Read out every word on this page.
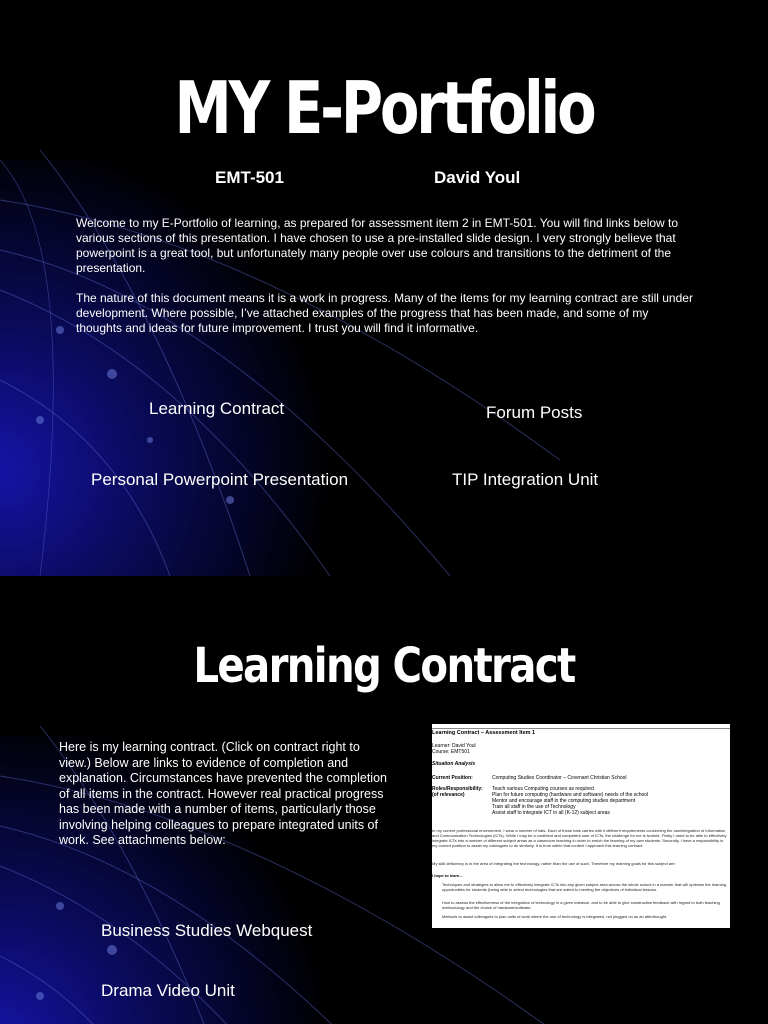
MY E-Portfolio
EMT-501	David Youl

Welcome to my E-Portfolio of learning, as prepared for assessment item 2 in EMT-501. You will find links below to various sections of this presentation. I have chosen to use a pre-installed slide design. I very strongly believe that powerpoint is a great tool, but unfortunately many people over use colours and transitions to the detriment of the presentation.

The nature of this document means it is a work in progress. Many of the items for my learning contract are still under development. Where possible, I’ve attached examples of the progress that has been made, and some of my thoughts and ideas for future improvement. I trust you will find it informative.

Learning Contract	Forum Posts
Personal Powerpoint Presentation	TIP Integration Unit
Learning Contract
Here is my learning contract. (Click on contract right to view.) Below are links to evidence of completion and explanation. Circumstances have prevented the completion of all items in the contract. However real practical progress has been made with a number of items, particularly those involving helping colleagues to prepare integrated units of work. See attachments below:
Learning Contract – Assessment Item 1
Learner: David Youl
Course: EMT501
Situation Analysis
Current Position:	Computing Studies Coordinator – Covenant Christian School
Roles/Responsibility:
(of relevance)
Teach various Computing courses as required
Plan for future computing (hardware and software) needs of the school
Mentor and encourage staff in the computing studies department
Train all staff in the use of Technology
Assist staff to integrate ICT in all (K-12) subject areas
In my current professional environment, I wear a number of hats. Each of these hats carries with it different requirements concerning the use/integration of Information and Communication Technologies (ICTs). While I may be a confident and competent user of ICTs, the challenge for me is twofold. Firstly I need to be able to effectively integrate ICTs into a number of different subject areas as a classroom teaching in order to enrich the learning of my own students. Secondly, I have a responsibility in my current position to assist my colleagues to do similarly. It is from within that context I approach this learning contract.
My skill deficiency is in the area of integrating the technology, rather than the use of such. Therefore my learning goals for this subject are:
I hope to learn...
Techniques and strategies to allow me to effectively integrate ICTs into any given subject area across the whole school in a manner that will optimise the learning opportunities for students (being able to select technologies that are suited to meeting the objectives of individual lessons.
How to assess the effectiveness of the integration of technology in a given instance, and to be able to give constructive feedback with regard to both teaching methodology and the choice of hardware/software.
Methods to assist colleagues to plan units of work where the use of technology is integrated, not plugged on as an afterthought.
Business Studies Webquest
Drama Video Unit
